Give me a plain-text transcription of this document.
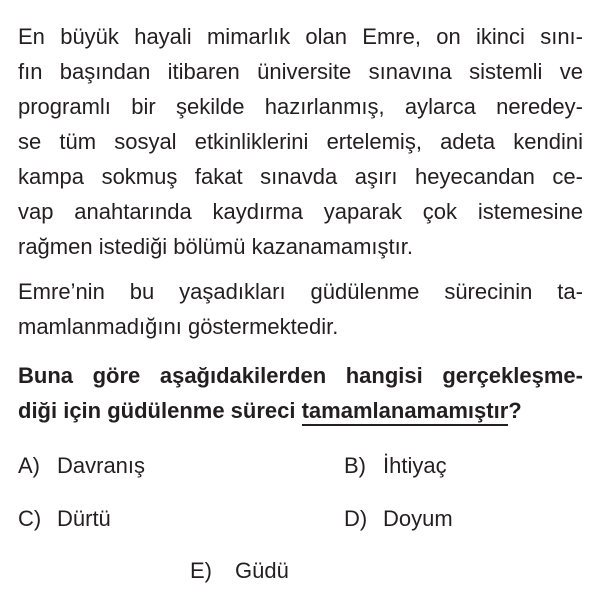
En büyük hayali mimarlık olan Emre, on ikinci sını-
fın başından itibaren üniversite sınavına sistemli ve
programlı bir şekilde hazırlanmış, aylarca neredey-
se tüm sosyal etkinliklerini ertelemiş, adeta kendini
kampa sokmuş fakat sınavda aşırı heyecandan ce-
vap anahtarında kaydırma yaparak çok istemesine
rağmen istediği bölümü kazanamamıştır.
Emre’nin bu yaşadıkları güdülenme sürecinin ta-
mamlanmadığını göstermektedir.
Buna göre aşağıdakilerden hangisi gerçekleşme-
diği için güdülenme süreci tamamlanamamıştır?
A) Davranış	B) İhtiyaç
C) Dürtü	D) Doyum
E)	Güdü
